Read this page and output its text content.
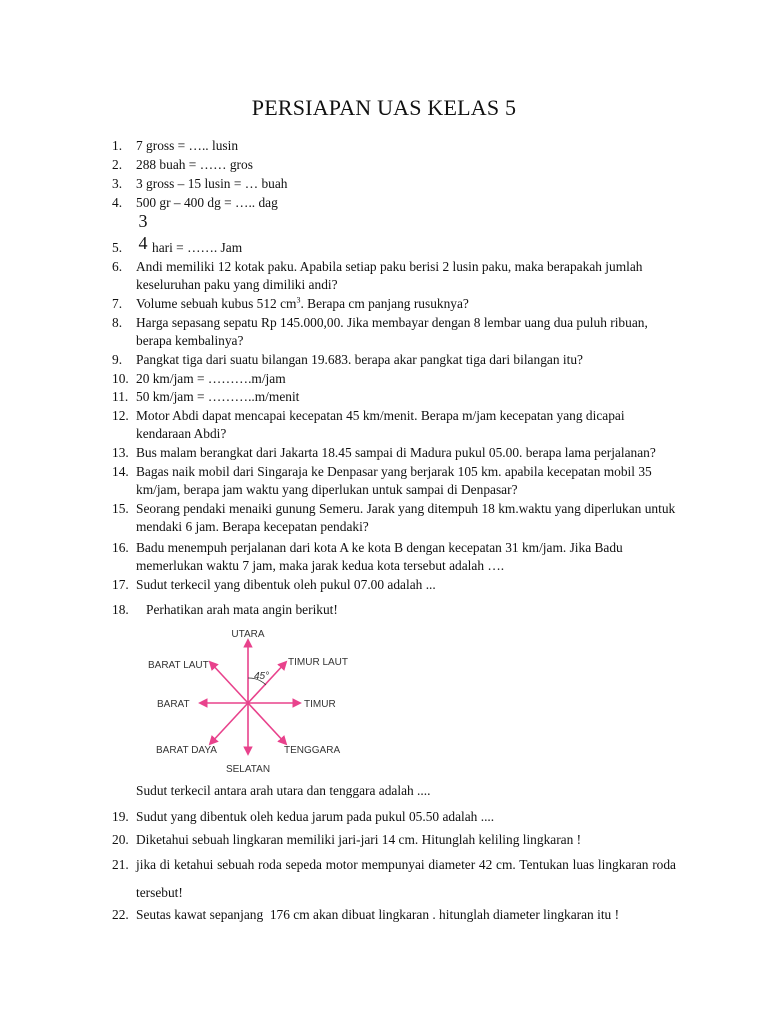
PERSIAPAN UAS KELAS 5
1. 7 gross = ….. lusin
2. 288 buah = …… gros
3. 3 gross – 15 lusin = … buah
4. 500 gr – 400 dg = ….. dag
3
4
5. hari = ……. Jam
6. Andi memiliki 12 kotak paku. Apabila setiap paku berisi 2 lusin paku, maka berapakah jumlah keseluruhan paku yang dimiliki andi?
7. Volume sebuah kubus 512 $cm^3$. Berapa cm panjang rusuknya?
8. Harga sepasang sepatu Rp 145.000,00. Jika membayar dengan 8 lembar uang dua puluh ribuan, berapa kembalinya?
9. Pangkat tiga dari suatu bilangan 19.683. berapa akar pangkat tiga dari bilangan itu?
10. 20 km/jam = ……….m/jam
11. 50 km/jam = ………..m/menit
12. Motor Abdi dapat mencapai kecepatan 45 km/menit. Berapa m/jam kecepatan yang dicapai kendaraan Abdi?
13. Bus malam berangkat dari Jakarta 18.45 sampai di Madura pukul 05.00. berapa lama perjalanan?
14. Bagas naik mobil dari Singaraja ke Denpasar yang berjarak 105 km. apabila kecepatan mobil 35 km/jam, berapa jam waktu yang diperlukan untuk sampai di Denpasar?
15. Seorang pendaki menaiki gunung Semeru. Jarak yang ditempuh 18 km.waktu yang diperlukan untuk mendaki 6 jam. Berapa kecepatan pendaki?
16. Badu menempuh perjalanan dari kota A ke kota B dengan kecepatan 31 km/jam. Jika Badu memerlukan waktu 7 jam, maka jarak kedua kota tersebut adalah ….
17. Sudut terkecil yang dibentuk oleh pukul 07.00 adalah ...
18. Perhatikan arah mata angin berikut!
45°
UTARA
TIMUR LAUT
TIMUR
TENGGARA
SELATAN
BARAT DAYA
BARAT
BARAT LAUT
Sudut terkecil antara arah utara dan tenggara adalah ....
19. Sudut yang dibentuk oleh kedua jarum pada pukul 05.50 adalah ....
20. Diketahui sebuah lingkaran memiliki jari-jari 14 cm. Hitunglah keliling lingkaran !
21. jika di ketahui sebuah roda sepeda motor mempunyai diameter 42 cm. Tentukan luas lingkaran roda tersebut!
22. Seutas kawat sepanjang  176 cm akan dibuat lingkaran . hitunglah diameter lingkaran itu !
